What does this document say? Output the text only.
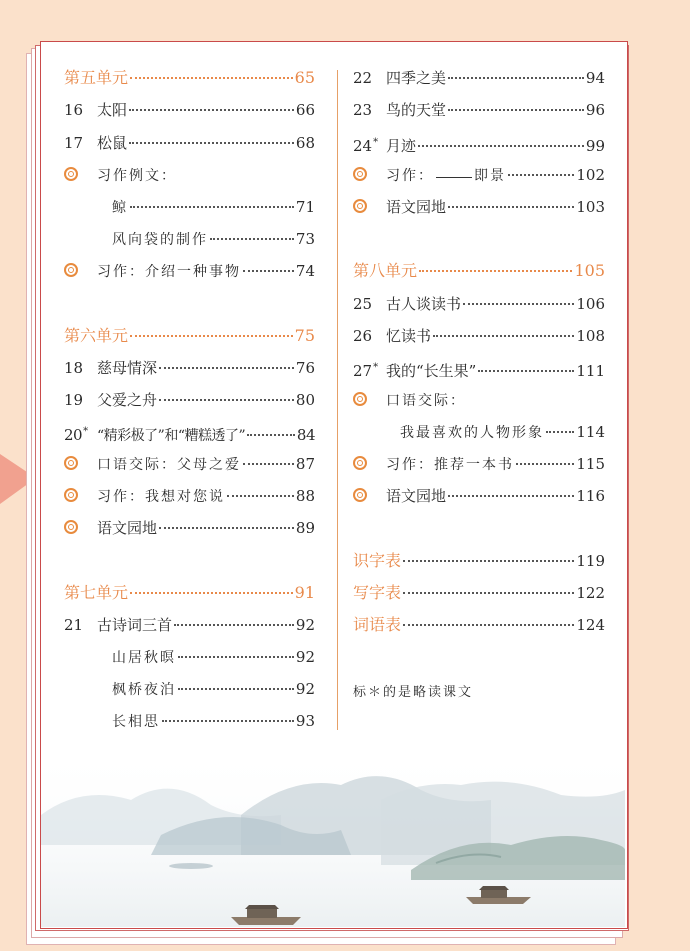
第五单元	65
16 太阳	66
17 松鼠	68
习作例文：
鲸	71
风向袋的制作	73
习作：介绍一种事物	74
第六单元	75
18 慈母情深	76
19 父爱之舟	80
20* “精彩极了”和“糟糕透了”	84
口语交际：父母之爱	87
习作：我想对您说	88
语文园地	89
第七单元	91
21 古诗词三首	92
山居秋暝	92
枫桥夜泊	92
长相思	93
22 四季之美	94
23 鸟的天堂	96
24* 月迹	99
习作：	即景	102
语文园地	103
第八单元	105
25 古人谈读书	106
26 忆读书	108
27* 我的“长生果”	111
口语交际：
我最喜欢的人物形象 114
习作：推荐一本书	115
语文园地	116
识字表	119
写字表	122
词语表	124
标＊的是略读课文
